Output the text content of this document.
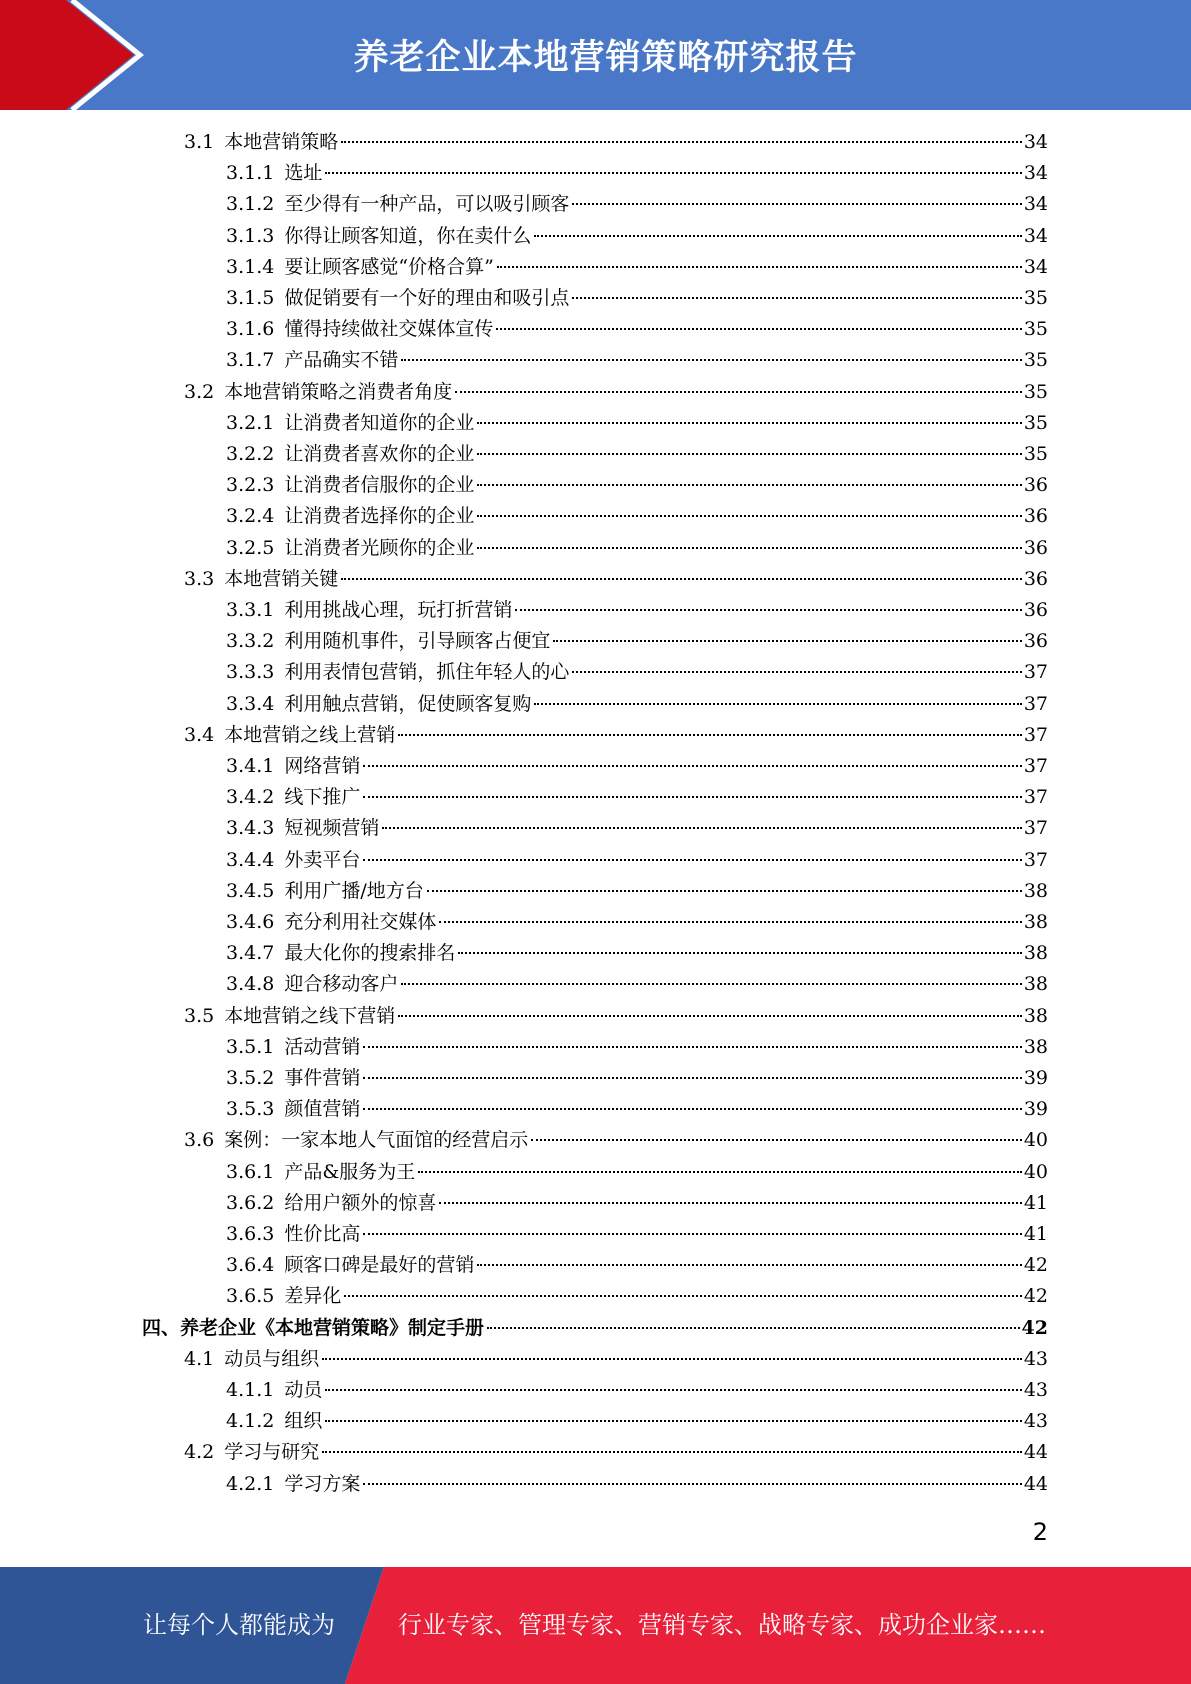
养老企业本地营销策略研究报告
3.1 本地营销策略	34
3.1.1 选址	34
3.1.2 至少得有一种产品，可以吸引顾客	34
3.1.3 你得让顾客知道，你在卖什么	34
3.1.4 要让顾客感觉“价格合算”	34
3.1.5 做促销要有一个好的理由和吸引点	35
3.1.6 懂得持续做社交媒体宣传	35
3.1.7 产品确实不错	35
3.2 本地营销策略之消费者角度	35
3.2.1 让消费者知道你的企业	35
3.2.2 让消费者喜欢你的企业	35
3.2.3 让消费者信服你的企业	36
3.2.4 让消费者选择你的企业	36
3.2.5 让消费者光顾你的企业	36
3.3 本地营销关键	36
3.3.1 利用挑战心理，玩打折营销	36
3.3.2 利用随机事件，引导顾客占便宜	36
3.3.3 利用表情包营销，抓住年轻人的心	37
3.3.4 利用触点营销，促使顾客复购	37
3.4 本地营销之线上营销	37
3.4.1 网络营销	37
3.4.2 线下推广	37
3.4.3 短视频营销	37
3.4.4 外卖平台	37
3.4.5 利用广播/地方台	38
3.4.6 充分利用社交媒体	38
3.4.7 最大化你的搜索排名	38
3.4.8 迎合移动客户	38
3.5 本地营销之线下营销	38
3.5.1 活动营销	38
3.5.2 事件营销	39
3.5.3 颜值营销	39
3.6 案例：一家本地人气面馆的经营启示	40
3.6.1 产品&服务为王	40
3.6.2 给用户额外的惊喜	41
3.6.3 性价比高	41
3.6.4 顾客口碑是最好的营销	42
3.6.5 差异化	42
四、养老企业《本地营销策略》制定手册	42
4.1 动员与组织	43
4.1.1 动员	43
4.1.2 组织	43
4.2 学习与研究	44
4.2.1 学习方案	44
2
让每个人都能成为	行业专家、管理专家、营销专家、战略专家、成功企业家……
